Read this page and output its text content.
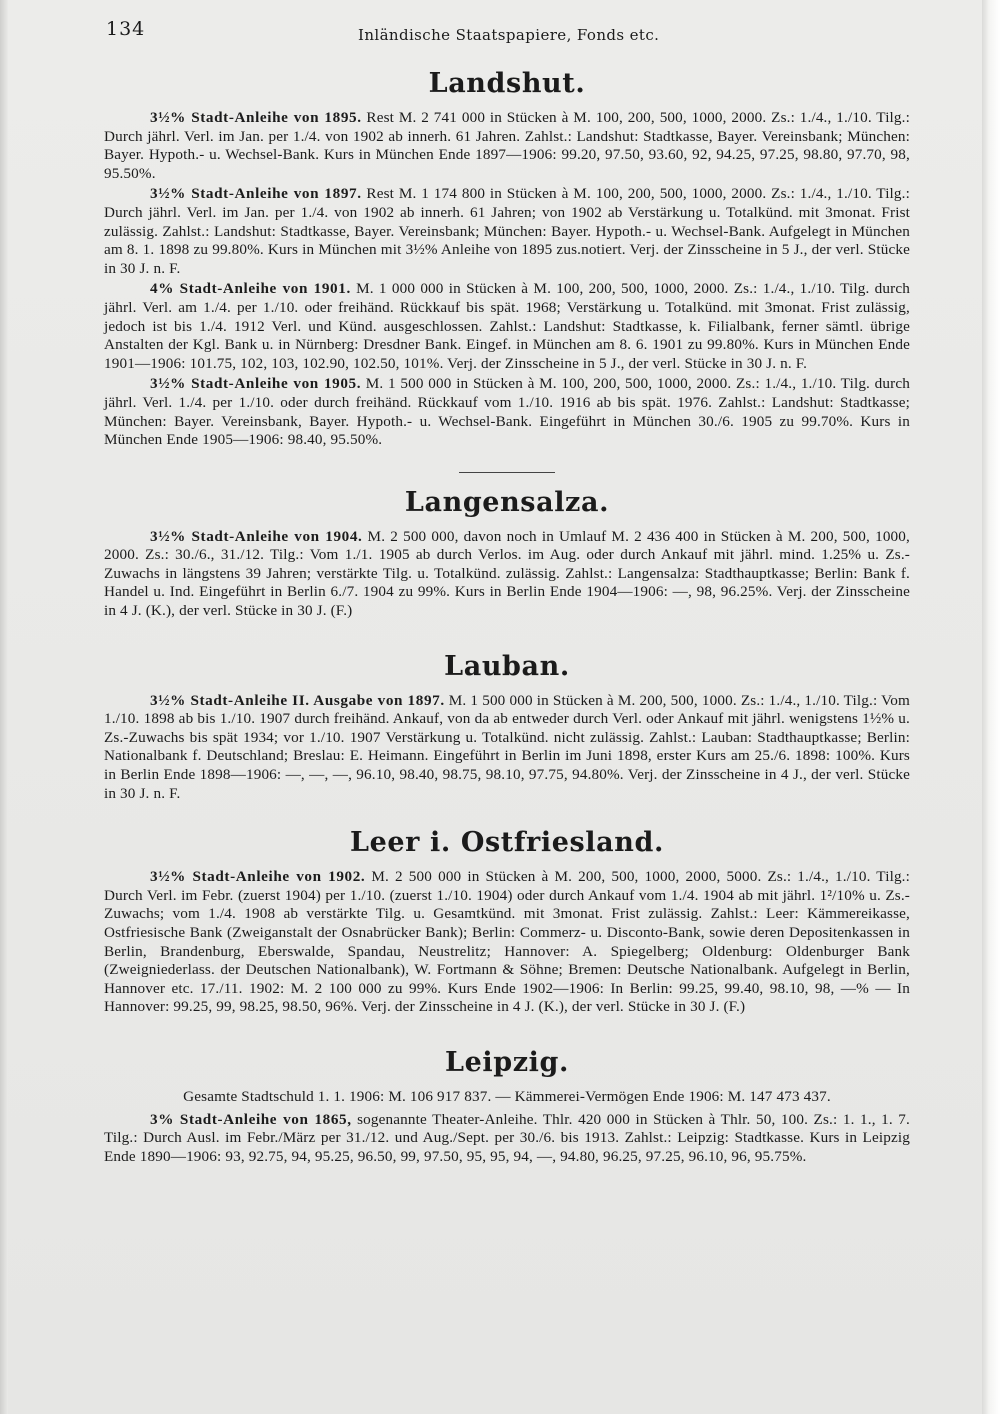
134	Inländische Staatspapiere, Fonds etc.
Landshut.

3½% Stadt-Anleihe von 1895. Rest M. 2 741 000 in Stücken à M. 100, 200, 500, 1000, 2000. Zs.: 1./4., 1./10. Tilg.: Durch jährl. Verl. im Jan. per 1./4. von 1902 ab innerh. 61 Jahren. Zahlst.: Landshut: Stadtkasse, Bayer. Vereinsbank; München: Bayer. Hypoth.- u. Wechsel-Bank. Kurs in München Ende 1897—1906: 99.20, 97.50, 93.60, 92, 94.25, 97.25, 98.80, 97.70, 98, 95.50%.

3½% Stadt-Anleihe von 1897. Rest M. 1 174 800 in Stücken à M. 100, 200, 500, 1000, 2000. Zs.: 1./4., 1./10. Tilg.: Durch jährl. Verl. im Jan. per 1./4. von 1902 ab innerh. 61 Jahren; von 1902 ab Verstärkung u. Totalkünd. mit 3monat. Frist zulässig. Zahlst.: Landshut: Stadtkasse, Bayer. Vereinsbank; München: Bayer. Hypoth.- u. Wechsel-Bank. Aufgelegt in München am 8. 1. 1898 zu 99.80%. Kurs in München mit 3½% Anleihe von 1895 zus.notiert. Verj. der Zinsscheine in 5 J., der verl. Stücke in 30 J. n. F.

4% Stadt-Anleihe von 1901. M. 1 000 000 in Stücken à M. 100, 200, 500, 1000, 2000. Zs.: 1./4., 1./10. Tilg. durch jährl. Verl. am 1./4. per 1./10. oder freihänd. Rückkauf bis spät. 1968; Verstärkung u. Totalkünd. mit 3monat. Frist zulässig, jedoch ist bis 1./4. 1912 Verl. und Künd. ausgeschlossen. Zahlst.: Landshut: Stadtkasse, k. Filialbank, ferner sämtl. übrige Anstalten der Kgl. Bank u. in Nürnberg: Dresdner Bank. Eingef. in München am 8. 6. 1901 zu 99.80%. Kurs in München Ende 1901—1906: 101.75, 102, 103, 102.90, 102.50, 101%. Verj. der Zinsscheine in 5 J., der verl. Stücke in 30 J. n. F.

3½% Stadt-Anleihe von 1905. M. 1 500 000 in Stücken à M. 100, 200, 500, 1000, 2000. Zs.: 1./4., 1./10. Tilg. durch jährl. Verl. 1./4. per 1./10. oder durch freihänd. Rückkauf vom 1./10. 1916 ab bis spät. 1976. Zahlst.: Landshut: Stadtkasse; München: Bayer. Vereinsbank, Bayer. Hypoth.- u. Wechsel-Bank. Eingeführt in München 30./6. 1905 zu 99.70%. Kurs in München Ende 1905—1906: 98.40, 95.50%.

Langensalza.

3½% Stadt-Anleihe von 1904. M. 2 500 000, davon noch in Umlauf M. 2 436 400 in Stücken à M. 200, 500, 1000, 2000. Zs.: 30./6., 31./12. Tilg.: Vom 1./1. 1905 ab durch Verlos. im Aug. oder durch Ankauf mit jährl. mind. 1.25% u. Zs.-Zuwachs in längstens 39 Jahren; verstärkte Tilg. u. Totalkünd. zulässig. Zahlst.: Langensalza: Stadthauptkasse; Berlin: Bank f. Handel u. Ind. Eingeführt in Berlin 6./7. 1904 zu 99%. Kurs in Berlin Ende 1904—1906: —, 98, 96.25%. Verj. der Zinsscheine in 4 J. (K.), der verl. Stücke in 30 J. (F.)

Lauban.

3½% Stadt-Anleihe II. Ausgabe von 1897. M. 1 500 000 in Stücken à M. 200, 500, 1000. Zs.: 1./4., 1./10. Tilg.: Vom 1./10. 1898 ab bis 1./10. 1907 durch freihänd. Ankauf, von da ab entweder durch Verl. oder Ankauf mit jährl. wenigstens 1½% u. Zs.-Zuwachs bis spät 1934; vor 1./10. 1907 Verstärkung u. Totalkünd. nicht zulässig. Zahlst.: Lauban: Stadthauptkasse; Berlin: Nationalbank f. Deutschland; Breslau: E. Heimann. Eingeführt in Berlin im Juni 1898, erster Kurs am 25./6. 1898: 100%. Kurs in Berlin Ende 1898—1906: —, —, —, 96.10, 98.40, 98.75, 98.10, 97.75, 94.80%. Verj. der Zinsscheine in 4 J., der verl. Stücke in 30 J. n. F.

Leer i. Ostfriesland.

3½% Stadt-Anleihe von 1902. M. 2 500 000 in Stücken à M. 200, 500, 1000, 2000, 5000. Zs.: 1./4., 1./10. Tilg.: Durch Verl. im Febr. (zuerst 1904) per 1./10. (zuerst 1./10. 1904) oder durch Ankauf vom 1./4. 1904 ab mit jährl. 1²/10% u. Zs.-Zuwachs; vom 1./4. 1908 ab verstärkte Tilg. u. Gesamtkünd. mit 3monat. Frist zulässig. Zahlst.: Leer: Kämmereikasse, Ostfriesische Bank (Zweiganstalt der Osnabrücker Bank); Berlin: Commerz- u. Disconto-Bank, sowie deren Depositenkassen in Berlin, Brandenburg, Eberswalde, Spandau, Neustrelitz; Hannover: A. Spiegelberg; Oldenburg: Oldenburger Bank (Zweigniederlass. der Deutschen Nationalbank), W. Fortmann & Söhne; Bremen: Deutsche Nationalbank. Aufgelegt in Berlin, Hannover etc. 17./11. 1902: M. 2 100 000 zu 99%. Kurs Ende 1902—1906: In Berlin: 99.25, 99.40, 98.10, 98, —% — In Hannover: 99.25, 99, 98.25, 98.50, 96%. Verj. der Zinsscheine in 4 J. (K.), der verl. Stücke in 30 J. (F.)

Leipzig.

Gesamte Stadtschuld 1. 1. 1906: M. 106 917 837. — Kämmerei-Vermögen Ende 1906: M. 147 473 437.

3% Stadt-Anleihe von 1865, sogenannte Theater-Anleihe. Thlr. 420 000 in Stücken à Thlr. 50, 100. Zs.: 1. 1., 1. 7. Tilg.: Durch Ausl. im Febr./März per 31./12. und Aug./Sept. per 30./6. bis 1913. Zahlst.: Leipzig: Stadtkasse. Kurs in Leipzig Ende 1890—1906: 93, 92.75, 94, 95.25, 96.50, 99, 97.50, 95, 95, 94, —, 94.80, 96.25, 97.25, 96.10, 96, 95.75%.
